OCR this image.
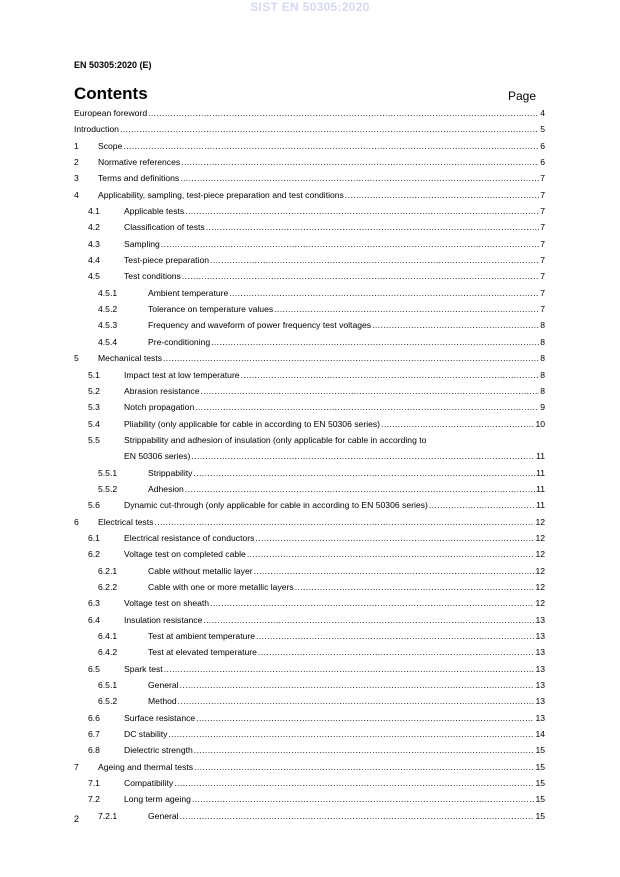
SIST EN 50305:2020
EN 50305:2020 (E)
Contents	Page
European foreword .....	4
Introduction .....	5
1 Scope .....	6
2 Normative references .....	6
3 Terms and definitions .....	7
4 Applicability, sampling, test-piece preparation and test conditions .....	7
4.1	Applicable tests .....	7
4.2	Classification of tests .....	7
4.3	Sampling .....	7
4.4	Test-piece preparation .....	7
4.5	Test conditions .....	7
4.5.1	Ambient temperature .....	7
4.5.2	Tolerance on temperature values .....	7
4.5.3	Frequency and waveform of power frequency test voltages .....	8
4.5.4	Pre-conditioning .....	8
5 Mechanical tests .....	8
5.1	Impact test at low temperature .....	8
5.2	Abrasion resistance .....	8
5.3	Notch propagation .....	9
5.4	Pliability (only applicable for cable in according to EN 50306 series) .....	10
5.5	Strippability and adhesion of insulation (only applicable for cable in according to
EN 50306 series) .....	11
5.5.1	Strippability .....	11
5.5.2	Adhesion .....	11
5.6	Dynamic cut-through (only applicable for cable in according to EN 50306 series) .....	11
6 Electrical tests .....	12
6.1	Electrical resistance of conductors .....	12
6.2	Voltage test on completed cable .....	12
6.2.1	Cable without metallic layer .....	12
6.2.2	Cable with one or more metallic layers .....	12
6.3	Voltage test on sheath .....	12
6.4	Insulation resistance .....	13
6.4.1	Test at ambient temperature .....	13
6.4.2	Test at elevated temperature .....	13
6.5	Spark test .....	13
6.5.1	General .....	13
6.5.2	Method .....	13
6.6	Surface resistance .....	13
6.7	DC stability .....	14
6.8	Dielectric strength .....	15
7 Ageing and thermal tests .....	15
7.1	Compatibility .....	15
7.2	Long term ageing .....	15
7.2.1	General .....	15
2
